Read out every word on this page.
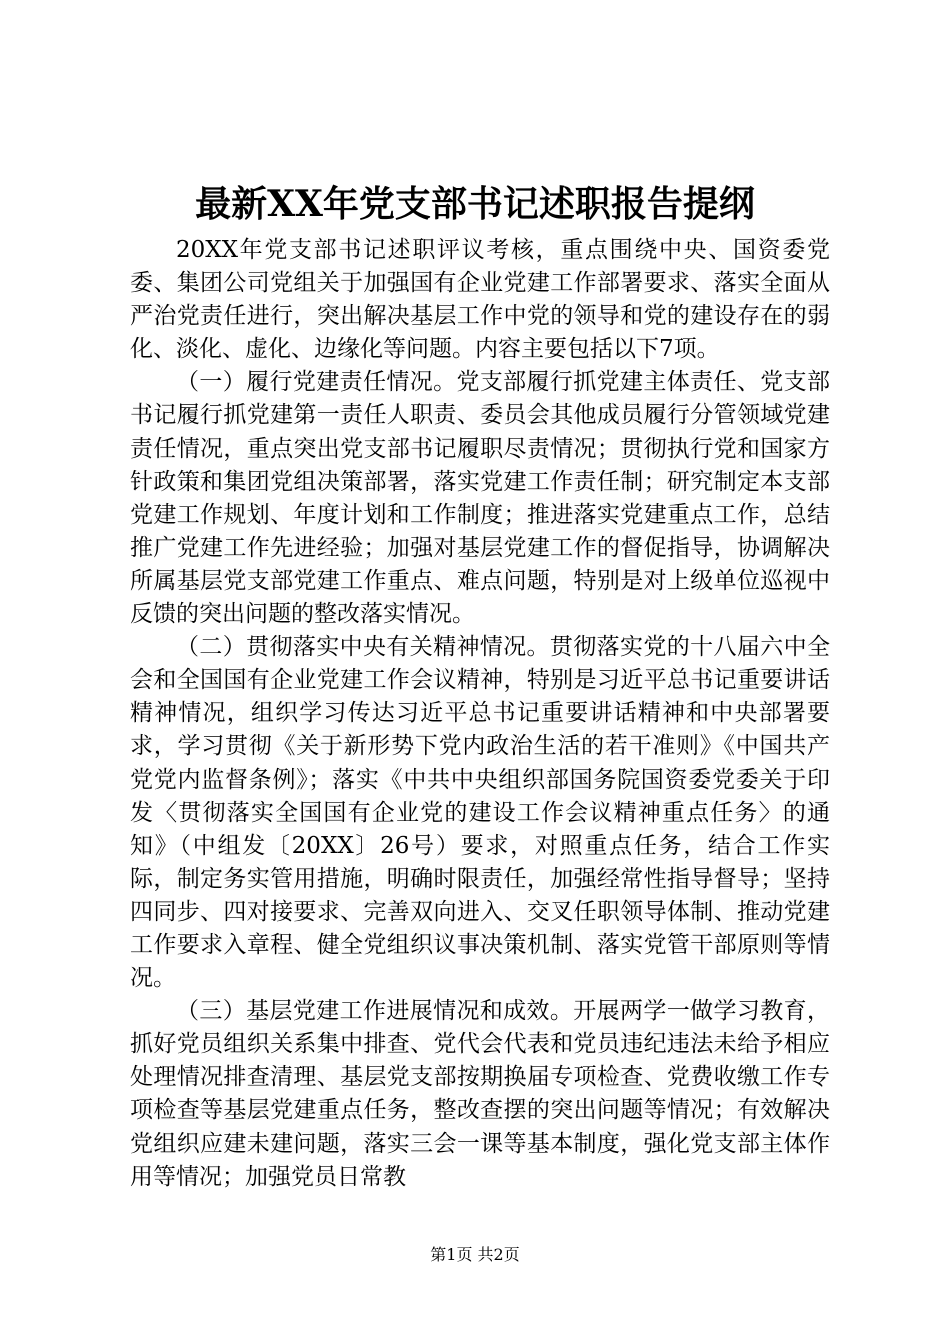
最新XX年党支部书记述职报告提纲

20XX年党支部书记述职评议考核，重点围绕中央、国资委党委、集团公司党组关于加强国有企业党建工作部署要求、落实全面从严治党责任进行，突出解决基层工作中党的领导和党的建设存在的弱化、淡化、虚化、边缘化等问题。内容主要包括以下7项。

（一）履行党建责任情况。党支部履行抓党建主体责任、党支部书记履行抓党建第一责任人职责、委员会其他成员履行分管领域党建责任情况，重点突出党支部书记履职尽责情况；贯彻执行党和国家方针政策和集团党组决策部署，落实党建工作责任制；研究制定本支部党建工作规划、年度计划和工作制度；推进落实党建重点工作，总结推广党建工作先进经验；加强对基层党建工作的督促指导，协调解决所属基层党支部党建工作重点、难点问题，特别是对上级单位巡视中反馈的突出问题的整改落实情况。

（二）贯彻落实中央有关精神情况。贯彻落实党的十八届六中全会和全国国有企业党建工作会议精神，特别是习近平总书记重要讲话精神情况，组织学习传达习近平总书记重要讲话精神和中央部署要求，学习贯彻《关于新形势下党内政治生活的若干准则》《中国共产党党内监督条例》；落实《中共中央组织部国务院国资委党委关于印发〈贯彻落实全国国有企业党的建设工作会议精神重点任务〉的通知》（中组发〔20XX〕26号）要求，对照重点任务，结合工作实际，制定务实管用措施，明确时限责任，加强经常性指导督导；坚持四同步、四对接要求、完善双向进入、交叉任职领导体制、推动党建工作要求入章程、健全党组织议事决策机制、落实党管干部原则等情况。

（三）基层党建工作进展情况和成效。开展两学一做学习教育，抓好党员组织关系集中排查、党代会代表和党员违纪违法未给予相应处理情况排查清理、基层党支部按期换届专项检查、党费收缴工作专项检查等基层党建重点任务，整改查摆的突出问题等情况；有效解决党组织应建未建问题，落实三会一课等基本制度，强化党支部主体作用等情况；加强党员日常教

第1页 共2页
